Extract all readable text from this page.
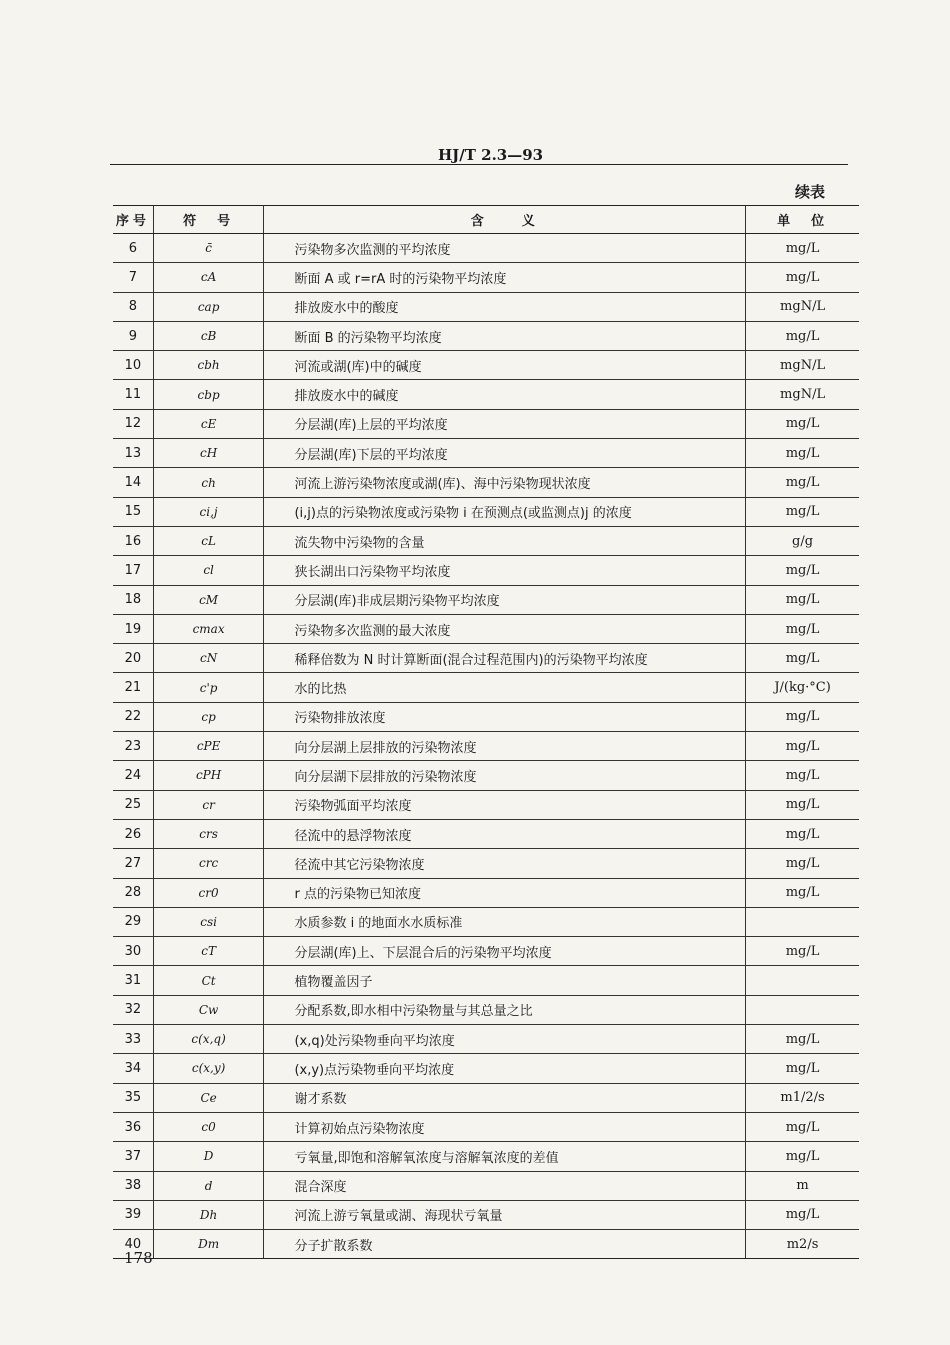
HJ/T 2.3—93
续表
序号	符　号	含　　义	单　位
6	c̄	污染物多次监测的平均浓度	mg/L
7	cA	断面 A 或 r=rA 时的污染物平均浓度	mg/L
8	cap	排放废水中的酸度	mgN/L
9	cB	断面 B 的污染物平均浓度	mg/L
10	cbh	河流或湖(库)中的碱度	mgN/L
11	cbp	排放废水中的碱度	mgN/L
12	cE	分层湖(库)上层的平均浓度	mg/L
13	cH	分层湖(库)下层的平均浓度	mg/L
14	ch	河流上游污染物浓度或湖(库)、海中污染物现状浓度	mg/L
15	ci,j	(i,j)点的污染物浓度或污染物 i 在预测点(或监测点)j 的浓度	mg/L
16	cL	流失物中污染物的含量	g/g
17	cl	狭长湖出口污染物平均浓度	mg/L
18	cM	分层湖(库)非成层期污染物平均浓度	mg/L
19	cmax	污染物多次监测的最大浓度	mg/L
20	cN	稀释倍数为 N 时计算断面(混合过程范围内)的污染物平均浓度	mg/L
21	c'p	水的比热	J/(kg·°C)
22	cp	污染物排放浓度	mg/L
23	cPE	向分层湖上层排放的污染物浓度	mg/L
24	cPH	向分层湖下层排放的污染物浓度	mg/L
25	cr	污染物弧面平均浓度	mg/L
26	crs	径流中的悬浮物浓度	mg/L
27	crc	径流中其它污染物浓度	mg/L
28	cr0	r 点的污染物已知浓度	mg/L
29	csi	水质参数 i 的地面水水质标准	
30	cT	分层湖(库)上、下层混合后的污染物平均浓度	mg/L
31	Ct	植物覆盖因子	
32	Cw	分配系数,即水相中污染物量与其总量之比	
33	c(x,q)	(x,q)处污染物垂向平均浓度	mg/L
34	c(x,y)	(x,y)点污染物垂向平均浓度	mg/L
35	Ce	谢才系数	m1/2/s
36	c0	计算初始点污染物浓度	mg/L
37	D	亏氧量,即饱和溶解氧浓度与溶解氧浓度的差值	mg/L
38	d	混合深度	m
39	Dh	河流上游亏氧量或湖、海现状亏氧量	mg/L
40	Dm	分子扩散系数	m2/s
178
